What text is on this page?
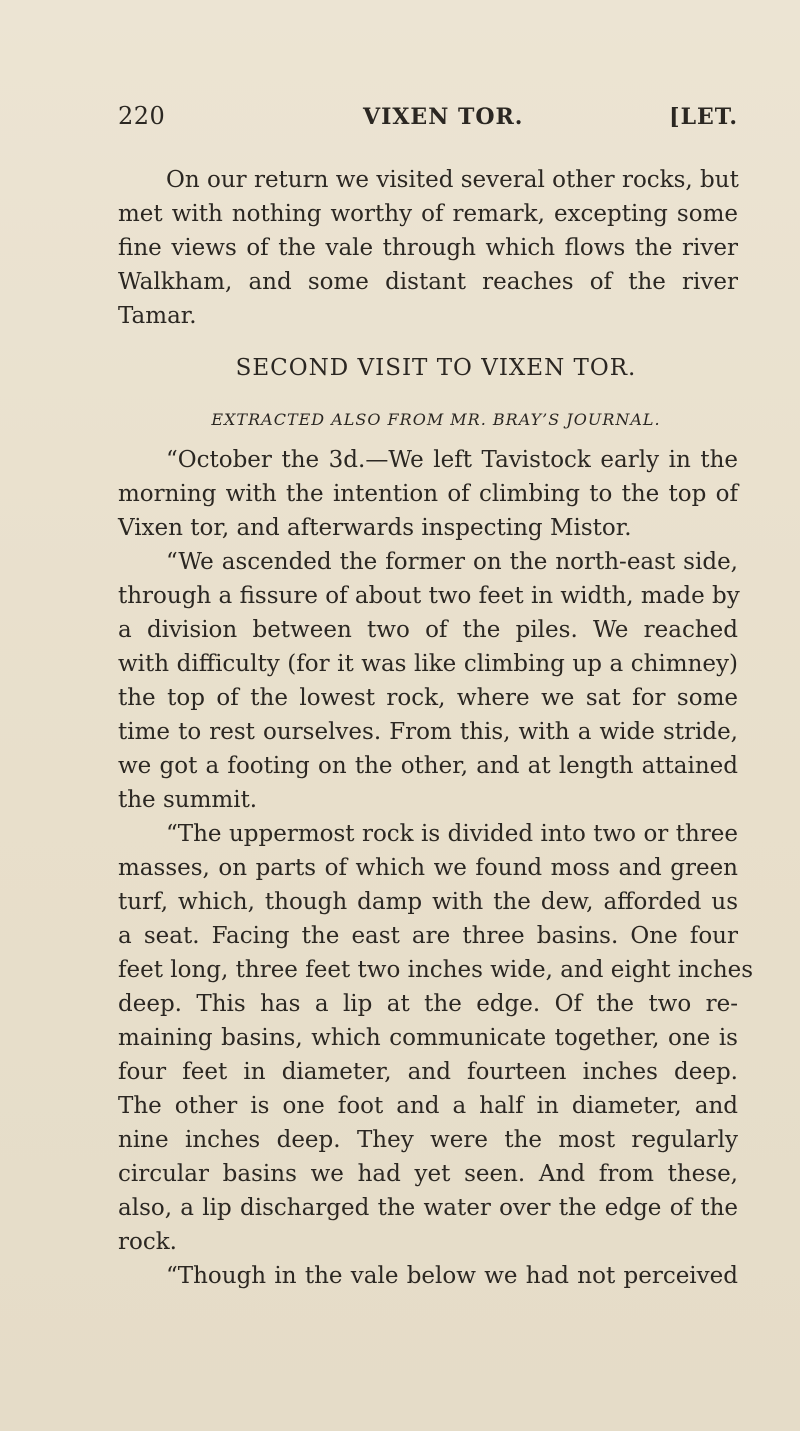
220	VIXEN TOR.	[LET.
On our return we visited several other rocks, but
met with nothing worthy of remark, excepting some
fine views of the vale through which flows the river
Walkham, and some distant reaches of the river
Tamar.
SECOND VISIT TO VIXEN TOR.
EXTRACTED ALSO FROM MR. BRAY’S JOURNAL.
“October the 3d.—We left Tavistock early in the
morning with the intention of climbing to the top of
Vixen tor, and afterwards inspecting Mistor.
“We ascended the former on the north-east side,
through a fissure of about two feet in width, made by
a division between two of the piles. We reached
with difficulty (for it was like climbing up a chimney)
the top of the lowest rock, where we sat for some
time to rest ourselves. From this, with a wide stride,
we got a footing on the other, and at length attained
the summit.
“The uppermost rock is divided into two or three
masses, on parts of which we found moss and green
turf, which, though damp with the dew, afforded us
a seat. Facing the east are three basins. One four
feet long, three feet two inches wide, and eight inches
deep. This has a lip at the edge. Of the two re-
maining basins, which communicate together, one is
four feet in diameter, and fourteen inches deep.
The other is one foot and a half in diameter, and
nine inches deep. They were the most regularly
circular basins we had yet seen. And from these,
also, a lip discharged the water over the edge of the
rock.
“Though in the vale below we had not perceived
